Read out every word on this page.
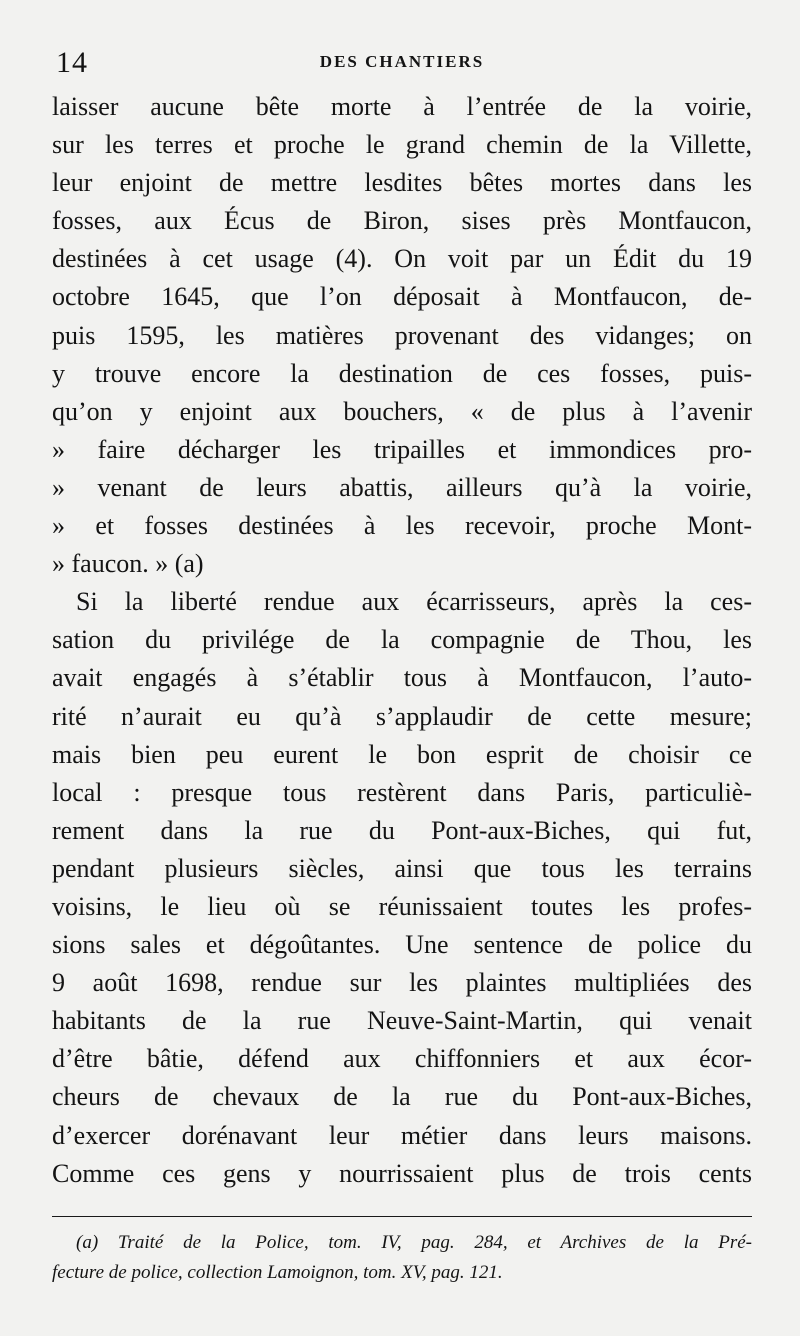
14	DES CHANTIERS
laisser aucune bête morte à l’entrée de la voirie,
sur les terres et proche le grand chemin de la Villette,
leur enjoint de mettre lesdites bêtes mortes dans les
fosses, aux Écus de Biron, sises près Montfaucon,
destinées à cet usage (4). On voit par un Édit du 19
octobre 1645, que l’on déposait à Montfaucon, de-
puis 1595, les matières provenant des vidanges; on
y trouve encore la destination de ces fosses, puis-
qu’on y enjoint aux bouchers, « de plus à l’avenir
» faire décharger les tripailles et immondices pro-
» venant de leurs abattis, ailleurs qu’à la voirie,
» et fosses destinées à les recevoir, proche Mont-
» faucon. » (a)
Si la liberté rendue aux écarrisseurs, après la ces-
sation du privilége de la compagnie de Thou, les
avait engagés à s’établir tous à Montfaucon, l’auto-
rité n’aurait eu qu’à s’applaudir de cette mesure;
mais bien peu eurent le bon esprit de choisir ce
local : presque tous restèrent dans Paris, particuliè-
rement dans la rue du Pont-aux-Biches, qui fut,
pendant plusieurs siècles, ainsi que tous les terrains
voisins, le lieu où se réunissaient toutes les profes-
sions sales et dégoûtantes. Une sentence de police du
9 août 1698, rendue sur les plaintes multipliées des
habitants de la rue Neuve-Saint-Martin, qui venait
d’être bâtie, défend aux chiffonniers et aux écor-
cheurs de chevaux de la rue du Pont-aux-Biches,
d’exercer dorénavant leur métier dans leurs maisons.
Comme ces gens y nourrissaient plus de trois cents
(a) Traité de la Police, tom. IV, pag. 284, et Archives de la Pré-
fecture de police, collection Lamoignon, tom. XV, pag. 121.
